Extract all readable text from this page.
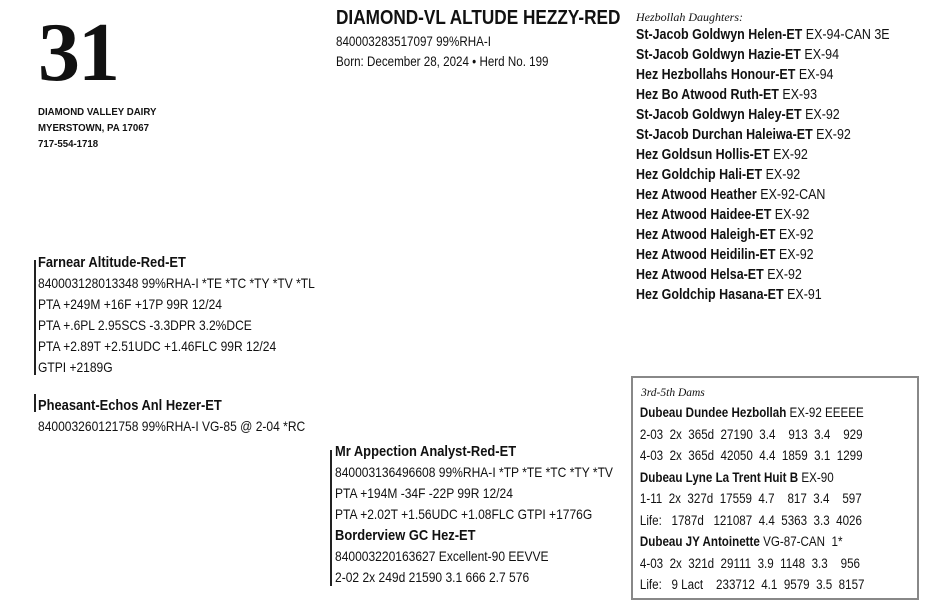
31
DIAMOND VALLEY DAIRY
MYERSTOWN, PA 17067
717-554-1718
DIAMOND-VL ALTUDE HEZZY-RED
840003283517097 99%RHA-I
Born: December 28, 2024 • Herd No. 199
Hezbollah Daughters:
St-Jacob Goldwyn Helen-ET EX-94-CAN 3E
St-Jacob Goldwyn Hazie-ET EX-94
Hez Hezbollahs Honour-ET EX-94
Hez Bo Atwood Ruth-ET EX-93
St-Jacob Goldwyn Haley-ET EX-92
St-Jacob Durchan Haleiwa-ET EX-92
Hez Goldsun Hollis-ET EX-92
Hez Goldchip Hali-ET EX-92
Hez Atwood Heather EX-92-CAN
Hez Atwood Haidee-ET EX-92
Hez Atwood Haleigh-ET EX-92
Hez Atwood Heidilin-ET EX-92
Hez Atwood Helsa-ET EX-92
Hez Goldchip Hasana-ET EX-91
Farnear Altitude-Red-ET
840003128013348 99%RHA-I *TE *TC *TY *TV *TL
PTA +249M +16F +17P 99R 12/24
PTA +.6PL 2.95SCS -3.3DPR 3.2%DCE
PTA +2.89T +2.51UDC +1.46FLC 99R 12/24
GTPI +2189G
Pheasant-Echos Anl Hezer-ET
840003260121758 99%RHA-I VG-85 @ 2-04 *RC
Mr Appection Analyst-Red-ET
840003136496608 99%RHA-I *TP *TE *TC *TY *TV
PTA +194M -34F -22P 99R 12/24
PTA +2.02T +1.56UDC +1.08FLC GTPI +1776G
Borderview GC Hez-ET
840003220163627 Excellent-90 EEVVE
2-02 2x 249d 21590 3.1 666 2.7 576
3rd-5th Dams
Dubeau Dundee Hezbollah EX-92 EEEEE
2-03  2x  365d  27190  3.4    913  3.4    929
4-03  2x  365d  42050  4.4  1859  3.1  1299
Dubeau Lyne La Trent Huit B EX-90
1-11  2x  327d  17559  4.7    817  3.4    597
Life:   1787d   121087  4.4  5363  3.3  4026
Dubeau JY Antoinette VG-87-CAN  1*
4-03  2x  321d  29111  3.9  1148  3.3    956
Life:   9 Lact    233712  4.1  9579  3.5  8157
